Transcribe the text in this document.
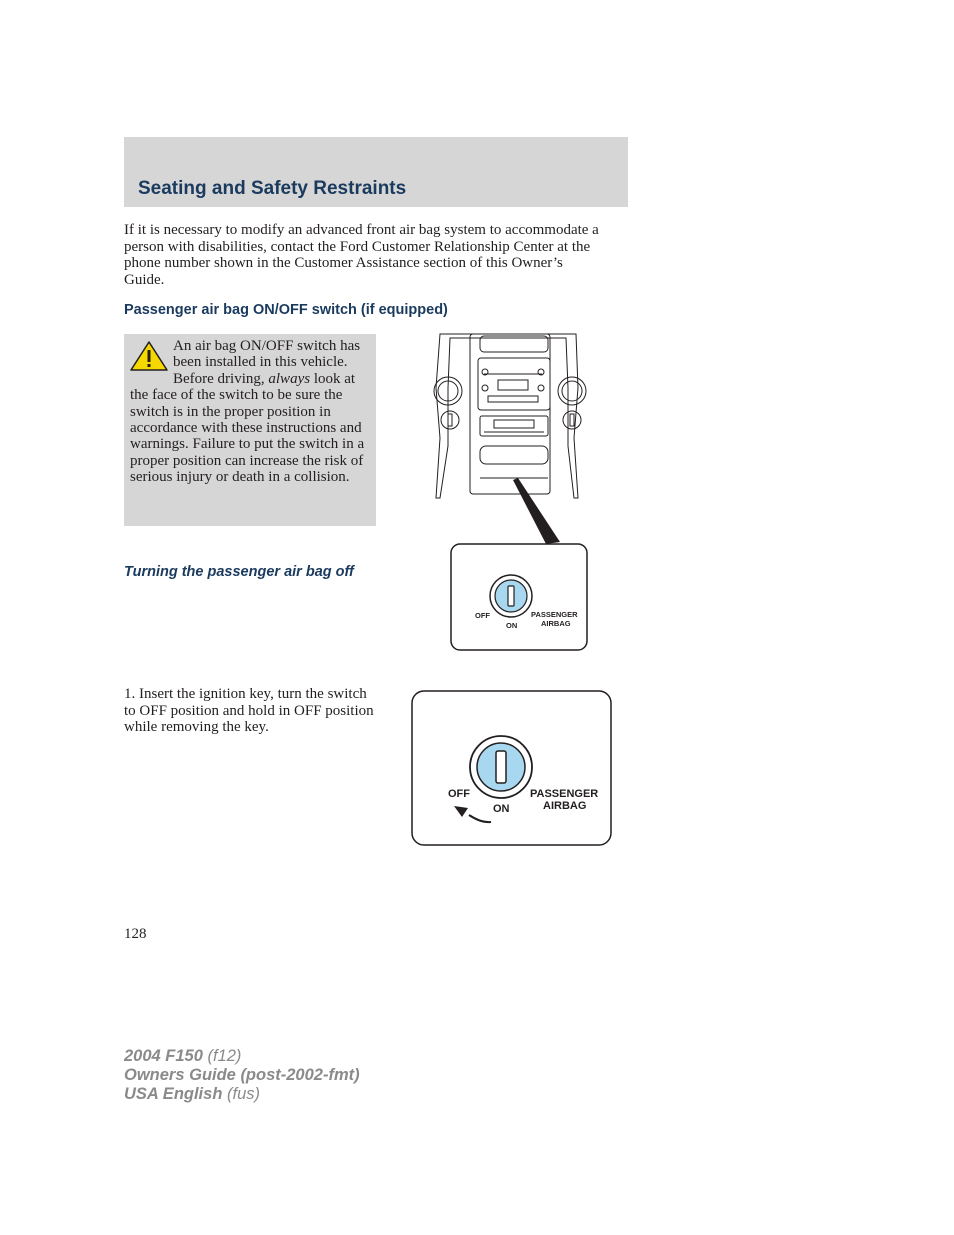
Seating and Safety Restraints
If it is necessary to modify an advanced front air bag system to accommodate a person with disabilities, contact the Ford Customer Relationship Center at the phone number shown in the Customer Assistance section of this Owner’s Guide.
Passenger air bag ON/OFF switch (if equipped)
An air bag ON/OFF switch has been installed in this vehicle. Before driving, always look at the face of the switch to be sure the switch is in the proper position in accordance with these instructions and warnings. Failure to put the switch in a proper position can increase the risk of serious injury or death in a collision.
Turning the passenger air bag off
1. Insert the ignition key, turn the switch to OFF position and hold in OFF position while removing the key.
OFF
ON
PASSENGER
AIRBAG
OFF
ON
PASSENGER
AIRBAG
128
2004 F150 (f12)
Owners Guide (post-2002-fmt)
USA English (fus)
